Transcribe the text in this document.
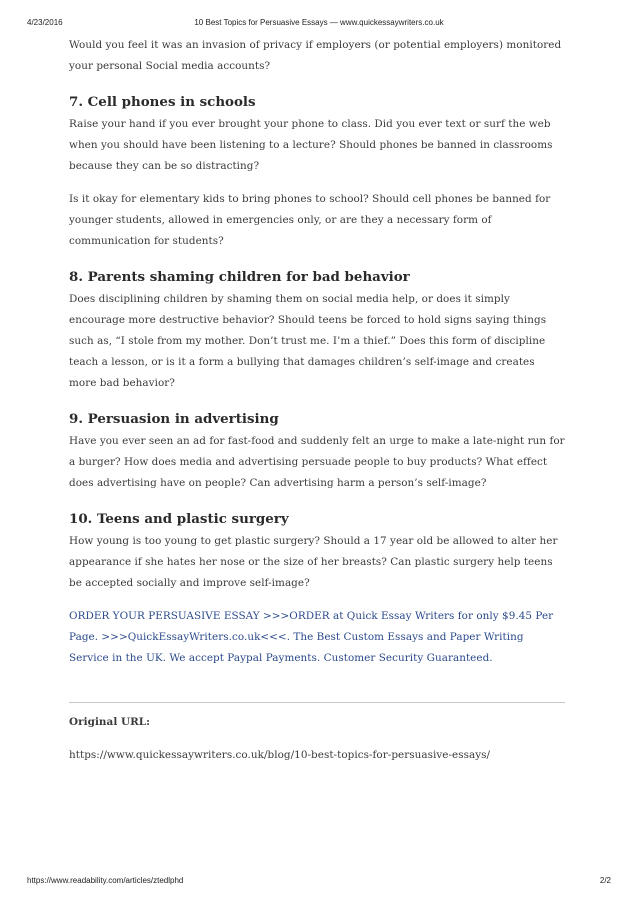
4/23/2016	10 Best Topics for Persuasive Essays — www.quickessaywriters.co.uk

Would you feel it was an invasion of privacy if employers (or potential employers) monitored your personal Social media accounts?

7. Cell phones in schools

Raise your hand if you ever brought your phone to class. Did you ever text or surf the web when you should have been listening to a lecture? Should phones be banned in classrooms because they can be so distracting?

Is it okay for elementary kids to bring phones to school? Should cell phones be banned for younger students, allowed in emergencies only, or are they a necessary form of communication for students?

8. Parents shaming children for bad behavior

Does disciplining children by shaming them on social media help, or does it simply encourage more destructive behavior? Should teens be forced to hold signs saying things such as, “I stole from my mother. Don’t trust me. I’m a thief.” Does this form of discipline teach a lesson, or is it a form a bullying that damages children’s self-image and creates more bad behavior?

9. Persuasion in advertising

Have you ever seen an ad for fast-food and suddenly felt an urge to make a late-night run for a burger? How does media and advertising persuade people to buy products? What effect does advertising have on people? Can advertising harm a person’s self-image?

10. Teens and plastic surgery

How young is too young to get plastic surgery? Should a 17 year old be allowed to alter her appearance if she hates her nose or the size of her breasts? Can plastic surgery help teens be accepted socially and improve self-image?

ORDER YOUR PERSUASIVE ESSAY >>>ORDER at Quick Essay Writers for only $9.45 Per Page. >>>QuickEssayWriters.co.uk<<<. The Best Custom Essays and Paper Writing Service in the UK. We accept Paypal Payments. Customer Security Guaranteed.

Original URL:

https://www.quickessaywriters.co.uk/blog/10-best-topics-for-persuasive-essays/

https://www.readability.com/articles/ztedlphd	2/2
